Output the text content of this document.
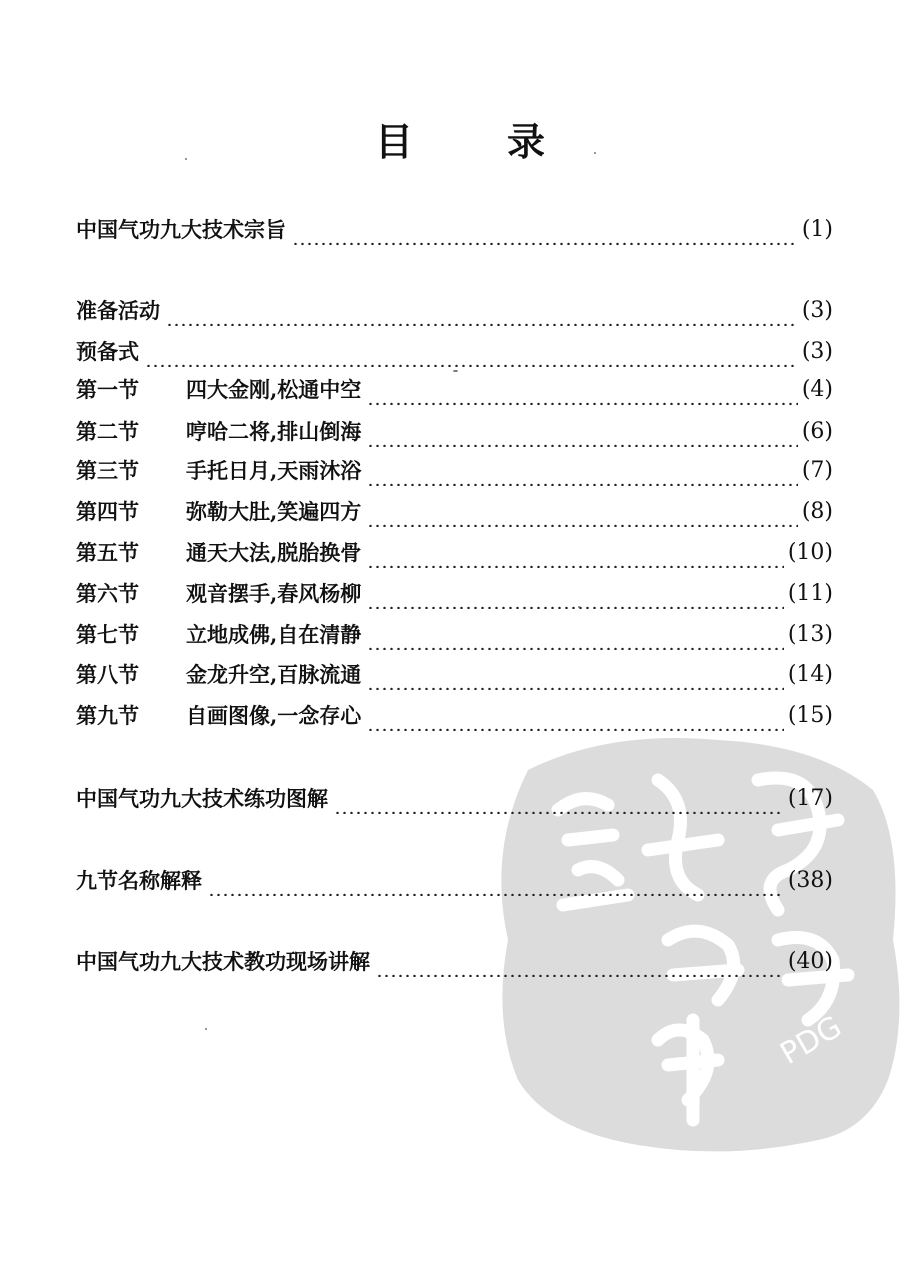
目 录
PDG
中国气功九大技术宗旨	(1)
准备活动	(3)
预备式	(3)
第一节	四大金刚,松通中空	(4)
第二节	哼哈二将,排山倒海	(6)
第三节	手托日月,天雨沐浴	(7)
第四节	弥勒大肚,笑遍四方	(8)
第五节	通天大法,脱胎换骨	(10)
第六节	观音摆手,春风杨柳	(11)
第七节	立地成佛,自在清静	(13)
第八节	金龙升空,百脉流通	(14)
第九节	自画图像,一念存心	(15)
中国气功九大技术练功图解	(17)
九节名称解释	(38)
中国气功九大技术教功现场讲解	(40)
